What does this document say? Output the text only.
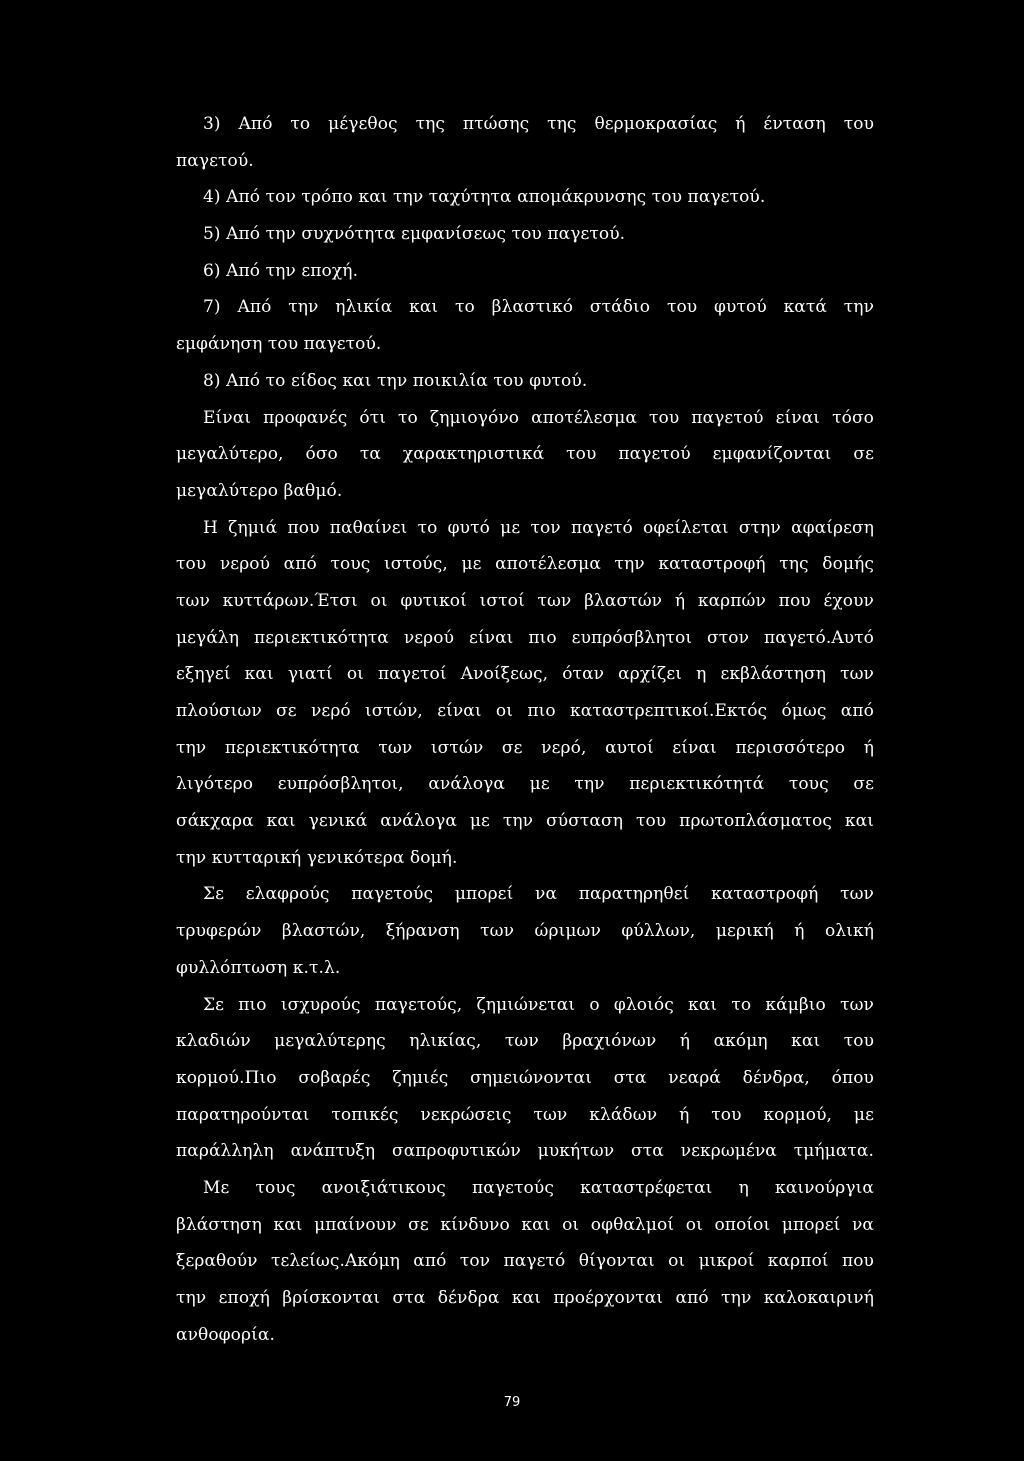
3) Από το μέγεθος της πτώσης της θερμοκρασίας ή ένταση του
παγετού.
4) Από τον τρόπο και την ταχύτητα απομάκρυνσης του παγετού.
5) Από την συχνότητα εμφανίσεως του παγετού.
6) Από την εποχή.
7) Από την ηλικία και το βλαστικό στάδιο του φυτού κατά την
εμφάνηση του παγετού.
8) Από το είδος και την ποικιλία του φυτού.
Είναι προφανές ότι το ζημιογόνο αποτέλεσμα του παγετού είναι τόσο
μεγαλύτερο, όσο τα χαρακτηριστικά του παγετού εμφανίζονται σε
μεγαλύτερο βαθμό.
Η ζημιά που παθαίνει το φυτό με τον παγετό οφείλεται στην αφαίρεση
του νερού από τους ιστούς, με αποτέλεσμα την καταστροφή της δομής
των κυττάρων.Έτσι οι φυτικοί ιστοί των βλαστών ή καρπών που έχουν
μεγάλη περιεκτικότητα νερού είναι πιο ευπρόσβλητοι στον παγετό.Αυτό
εξηγεί και γιατί οι παγετοί Ανοίξεως, όταν αρχίζει η εκβλάστηση των
πλούσιων σε νερό ιστών, είναι οι πιο καταστρεπτικοί.Εκτός όμως από
την περιεκτικότητα των ιστών σε νερό, αυτοί είναι περισσότερο ή
λιγότερο ευπρόσβλητοι, ανάλογα με την περιεκτικότητά τους σε
σάκχαρα και γενικά ανάλογα με την σύσταση του πρωτοπλάσματος και
την κυτταρική γενικότερα δομή.
Σε ελαφρούς παγετούς μπορεί να παρατηρηθεί καταστροφή των
τρυφερών βλαστών, ξήρανση των ώριμων φύλλων, μερική ή ολική
φυλλόπτωση κ.τ.λ.
Σε πιο ισχυρούς παγετούς, ζημιώνεται ο φλοιός και το κάμβιο των
κλαδιών μεγαλύτερης ηλικίας, των βραχιόνων ή ακόμη και του
κορμού.Πιο σοβαρές ζημιές σημειώνονται στα νεαρά δένδρα, όπου
παρατηρούνται τοπικές νεκρώσεις των κλάδων ή του κορμού, με
παράλληλη ανάπτυξη σαπροφυτικών μυκήτων στα νεκρωμένα τμήματα.
Με τους ανοιξιάτικους παγετούς καταστρέφεται η καινούργια
βλάστηση και μπαίνουν σε κίνδυνο και οι οφθαλμοί οι οποίοι μπορεί να
ξεραθούν τελείως.Ακόμη από τον παγετό θίγονται οι μικροί καρποί που
την εποχή βρίσκονται στα δένδρα και προέρχονται από την καλοκαιρινή
ανθοφορία.
79
